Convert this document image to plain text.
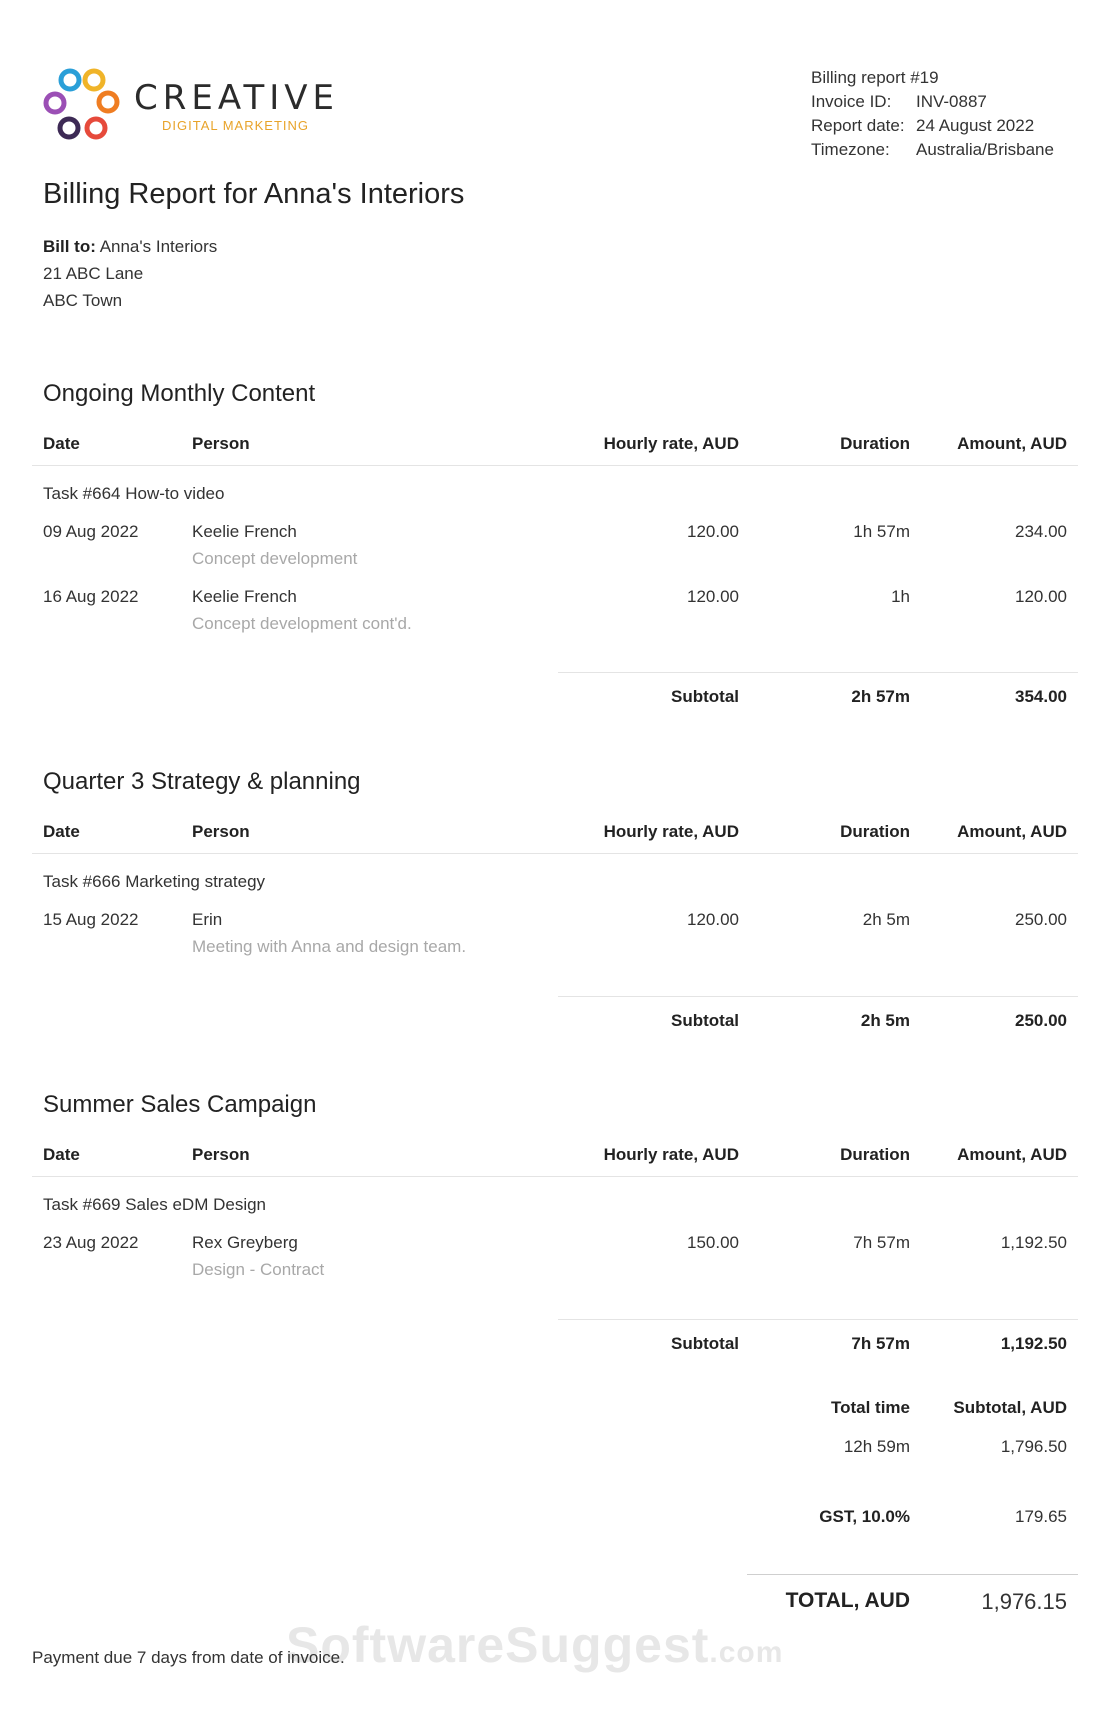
CREATIVE
DIGITAL MARKETING
Billing report #19
Invoice ID:	INV-0887
Report date: 24 August 2022
Timezone:	Australia/Brisbane
Billing Report for Anna's Interiors
Bill to: Anna's Interiors
21 ABC Lane
ABC Town
Ongoing Monthly Content
Date	Person	Hourly rate, AUD	Duration	Amount, AUD
Task #664 How-to video
09 Aug 2022	Keelie French	120.00	1h 57m	234.00
Concept development
16 Aug 2022	Keelie French	120.00	1h	120.00
Concept development cont'd.
Subtotal	2h 57m	354.00
Quarter 3 Strategy & planning
Date	Person	Hourly rate, AUD	Duration	Amount, AUD
Task #666 Marketing strategy
15 Aug 2022	Erin	120.00	2h 5m	250.00
Meeting with Anna and design team.
Subtotal	2h 5m	250.00
Summer Sales Campaign
Date	Person	Hourly rate, AUD	Duration	Amount, AUD
Task #669 Sales eDM Design
23 Aug 2022	Rex Greyberg	150.00	7h 57m	1,192.50
Design - Contract
Subtotal	7h 57m	1,192.50
Total time	Subtotal, AUD
12h 59m	1,796.50
GST, 10.0%	179.65
TOTAL, AUD	1,976.15
SoftwareSuggest.com
Payment due 7 days from date of invoice.
